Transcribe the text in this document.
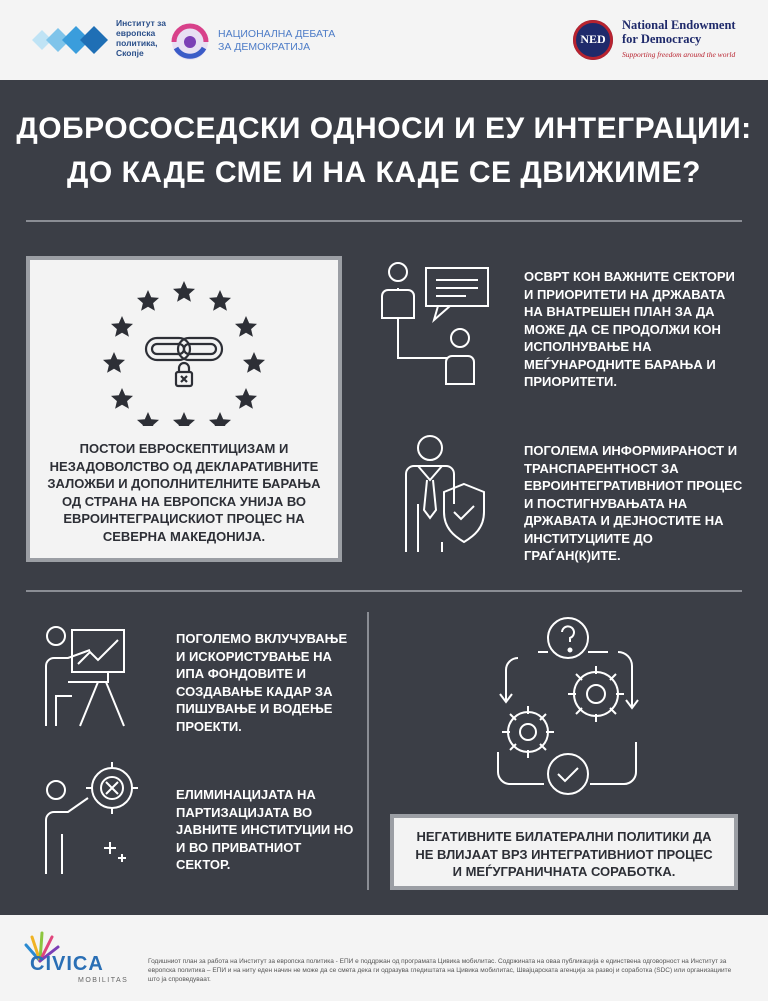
Институт за европска политика, Скопје
НАЦИОНАЛНА ДЕБАТА ЗА ДЕМОКРАТИЈА
NED
National Endowment for Democracy
Supporting freedom around the world
ДОБРОСОСЕДСКИ ОДНОСИ И ЕУ ИНТЕГРАЦИИ:
ДО КАДЕ СМЕ И НА КАДЕ СЕ ДВИЖИМЕ?
ПОСТОИ ЕВРОСКЕПТИЦИЗАМ И НЕЗАДОВОЛСТВО ОД ДЕКЛАРАТИВНИТЕ ЗАЛОЖБИ И ДОПОЛНИТЕЛНИТЕ БАРАЊА ОД СТРАНА НА ЕВРОПСКА УНИЈА ВО ЕВРОИНТЕГРАЦИСКИОТ ПРОЦЕС НА СЕВЕРНА МАКЕДОНИЈА.
ОСВРТ КОН ВАЖНИТЕ СЕКТОРИ И ПРИОРИТЕТИ НА ДРЖАВАТА НА ВНАТРЕШЕН ПЛАН ЗА ДА МОЖЕ ДА СЕ ПРОДОЛЖИ КОН ИСПОЛНУВАЊЕ НА МЕЃУНАРОДНИТЕ БАРАЊА И ПРИОРИТЕТИ.
ПОГОЛЕМА ИНФОРМИРАНОСТ И ТРАНСПАРЕНТНОСТ ЗА ЕВРОИНТЕГРАТИВНИОТ ПРОЦЕС И ПОСТИГНУВАЊАТА НА ДРЖАВАТА И ДЕЈНОСТИТЕ НА ИНСТИТУЦИИТЕ ДО ГРАЃАН(К)ИТЕ.
ПОГОЛЕМО ВКЛУЧУВАЊЕ И ИСКОРИСТУВАЊЕ НА ИПА ФОНДОВИТЕ И СОЗДАВАЊЕ КАДАР ЗА ПИШУВАЊЕ И ВОДЕЊЕ ПРОЕКТИ.
ЕЛИМИНАЦИЈАТА НА ПАРТИЗАЦИЈАТА ВО ЈАВНИТЕ ИНСТИТУЦИИ НО И ВО ПРИВАТНИОТ СЕКТОР.
НЕГАТИВНИТЕ БИЛАТЕРАЛНИ ПОЛИТИКИ ДА НЕ ВЛИЈААТ ВРЗ ИНТЕГРАТИВНИОТ ПРОЦЕС И МЕЃУГРАНИЧНАТА СОРАБОТКА.
CIVICA
MOBILITAS
Годишниот план за работа на Институт за европска политика - ЕПИ е поддржан од програмата Цивика мобилитас. Содржината на оваа публикација е единствена одговорност на Институт за европска политика – ЕПИ и на ниту еден начин не може да се смета дека ги одразува гледиштата на Цивика мобилитас, Швајцарската агенција за развој и соработка (SDC) или организациите што ја спроведуваат.
